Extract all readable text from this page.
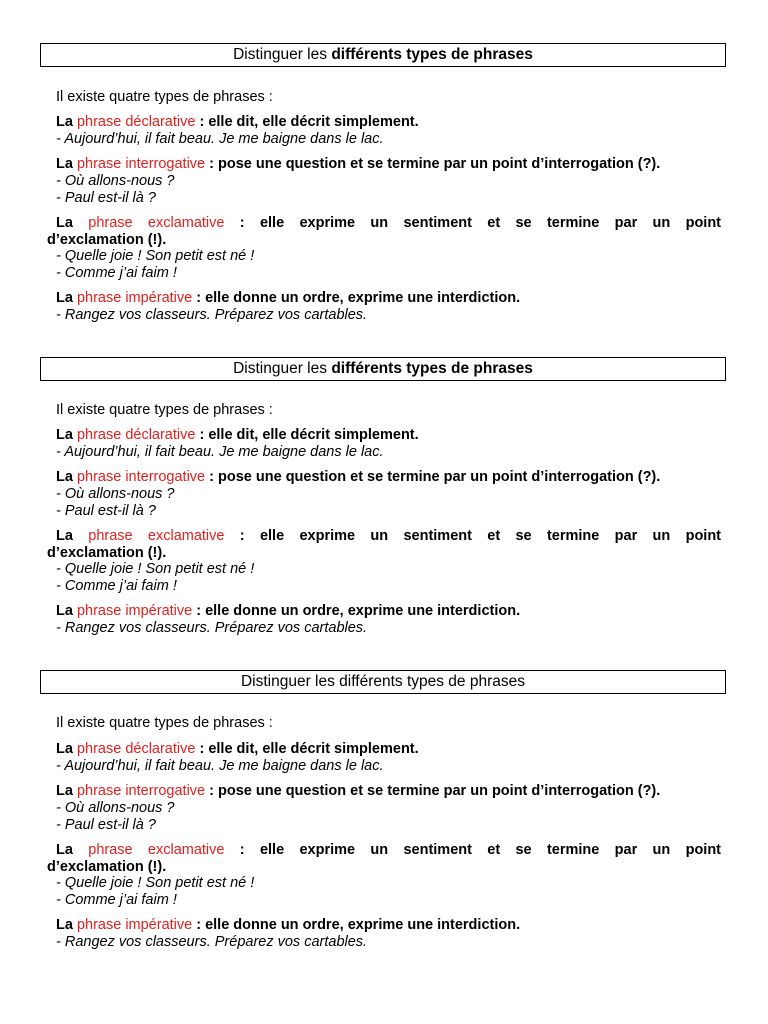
Distinguer les
différents types de phrases
Il existe quatre types de phrases :
La phrase déclarative : elle dit, elle décrit simplement.
- Aujourd’hui, il fait beau. Je me baigne dans le lac.
La phrase interrogative : pose une question et se termine par un point d’interrogation (?).
- Où allons-nous ?
- Paul est-il là ?
La phrase exclamative : elle exprime un sentiment et se termine par un point
d’exclamation (!).
- Quelle joie ! Son petit est né !
- Comme j’ai faim !
La phrase impérative : elle donne un ordre, exprime une interdiction.
- Rangez vos classeurs. Préparez vos cartables.
Distinguer les
différents types de phrases
Il existe quatre types de phrases :
La phrase déclarative : elle dit, elle décrit simplement.
- Aujourd’hui, il fait beau. Je me baigne dans le lac.
La phrase interrogative : pose une question et se termine par un point d’interrogation (?).
- Où allons-nous ?
- Paul est-il là ?
La phrase exclamative : elle exprime un sentiment et se termine par un point
d’exclamation (!).
- Quelle joie ! Son petit est né !
- Comme j’ai faim !
La phrase impérative : elle donne un ordre, exprime une interdiction.
- Rangez vos classeurs. Préparez vos cartables.
Distinguer les différents types de phrases
Il existe quatre types de phrases :
La phrase déclarative : elle dit, elle décrit simplement.
- Aujourd’hui, il fait beau. Je me baigne dans le lac.
La phrase interrogative : pose une question et se termine par un point d’interrogation (?).
- Où allons-nous ?
- Paul est-il là ?
La phrase exclamative : elle exprime un sentiment et se termine par un point
d’exclamation (!).
- Quelle joie ! Son petit est né !
- Comme j’ai faim !
La phrase impérative : elle donne un ordre, exprime une interdiction.
- Rangez vos classeurs. Préparez vos cartables.
